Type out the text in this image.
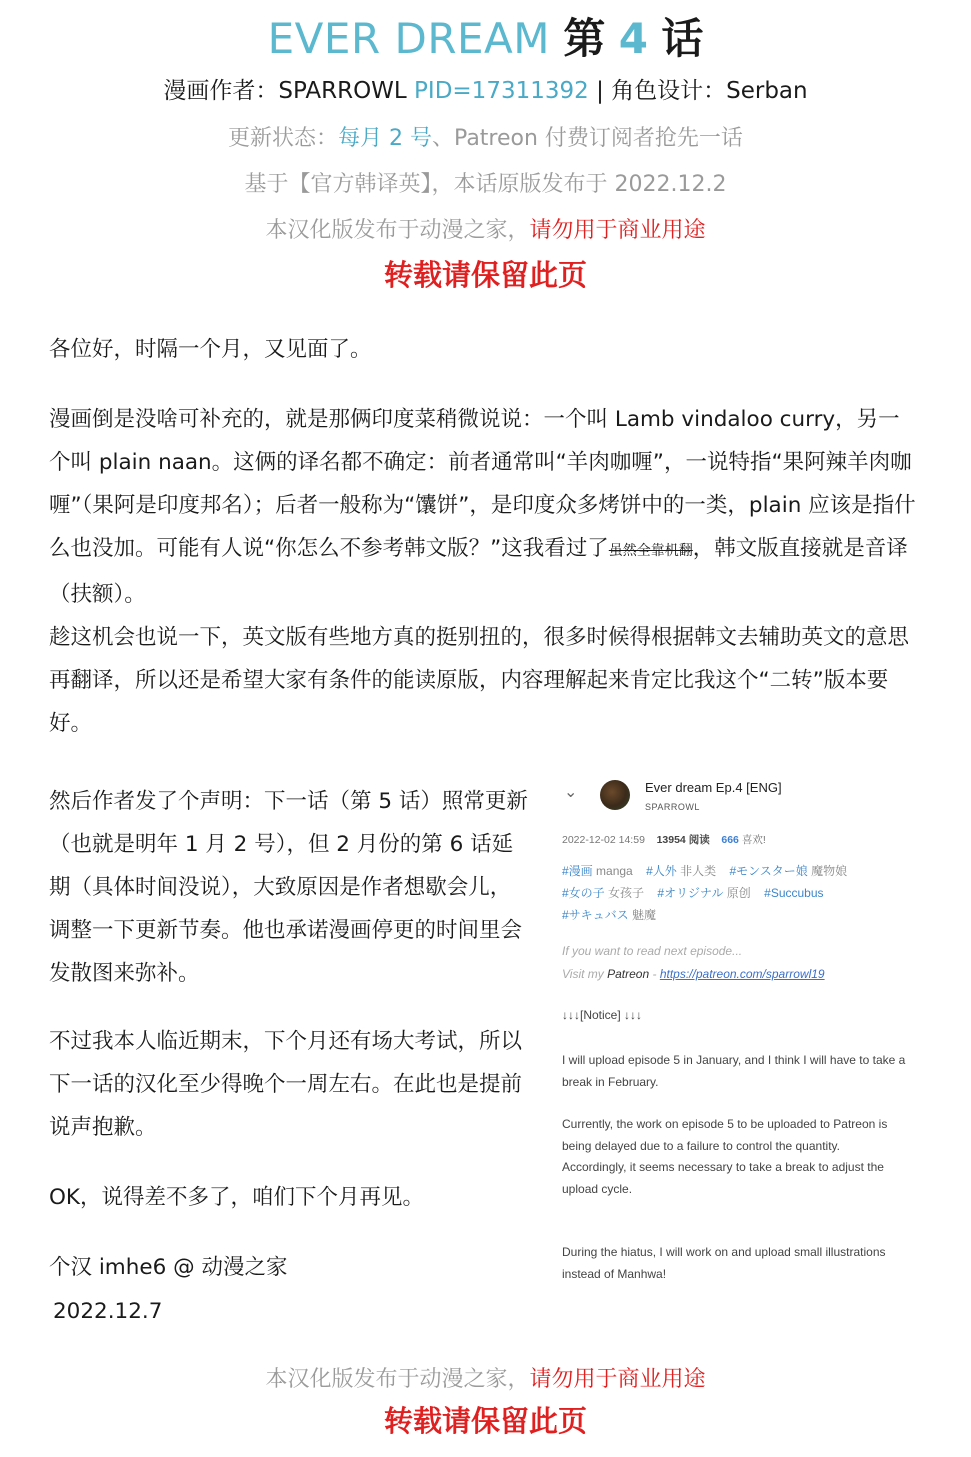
EVER DREAM 第 4 话
漫画作者：SPARROWL PID=17311392 | 角色设计：Serban
更新状态：每月 2 号、Patreon 付费订阅者抢先一话
基于【官方韩译英】，本话原版发布于 2022.12.2
本汉化版发布于动漫之家，请勿用于商业用途
转载请保留此页
各位好，时隔一个月，又见面了。
漫画倒是没啥可补充的，就是那俩印度菜稍微说说：一个叫 Lamb vindaloo curry，另一个叫 plain naan。这俩的译名都不确定：前者通常叫“羊肉咖喱”，一说特指“果阿辣羊肉咖喱”（果阿是印度邦名）；后者一般称为“馕饼”，是印度众多烤饼中的一类，plain 应该是指什么也没加。可能有人说“你怎么不参考韩文版？”这我看过了虽然全靠机翻，韩文版直接就是音译（扶额）。
趁这机会也说一下，英文版有些地方真的挺别扭的，很多时候得根据韩文去辅助英文的意思再翻译，所以还是希望大家有条件的能读原版，内容理解起来肯定比我这个“二转”版本要好。
然后作者发了个声明：下一话（第 5 话）照常更新（也就是明年 1 月 2 号），但 2 月份的第 6 话延期（具体时间没说），大致原因是作者想歇会儿，调整一下更新节奏。他也承诺漫画停更的时间里会发散图来弥补。
不过我本人临近期末，下个月还有场大考试，所以下一话的汉化至少得晚个一周左右。在此也是提前说声抱歉。
OK，说得差不多了，咱们下个月再见。
个汉 imhe6 @ 动漫之家
2022.12.7
⌄	Ever dream Ep.4 [ENG]
SPARROWL
2022-12-02 14:59 13954 阅读 666 喜欢!
#漫画 manga #人外 非人类 #モンスター娘 魔物娘
#女の子 女孩子 #オリジナル 原创 #Succubus
#サキュバス 魅魔
If you want to read next episode...
Visit my Patreon - https://patreon.com/sparrowl19
↓↓↓[Notice] ↓↓↓
I will upload episode 5 in January, and I think I will have to take a break in February.
Currently, the work on episode 5 to be uploaded to Patreon is being delayed due to a failure to control the quantity.
Accordingly, it seems necessary to take a break to adjust the upload cycle.
During the hiatus, I will work on and upload small illustrations instead of Manhwa!
本汉化版发布于动漫之家，请勿用于商业用途
转载请保留此页
